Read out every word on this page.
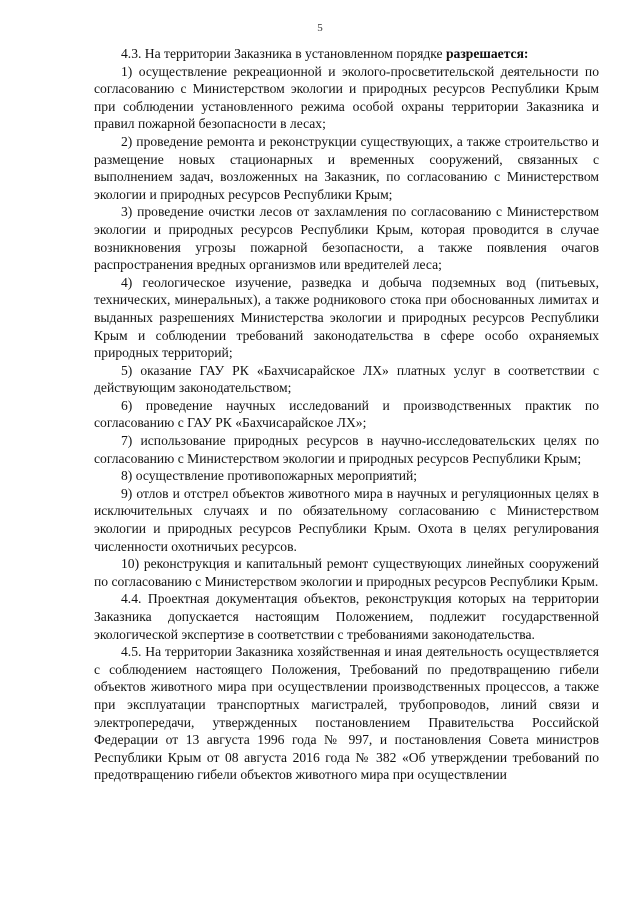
5

4.3. На территории Заказника в установленном порядке разрешается:

1) осуществление рекреационной и эколого-просветительской деятельности по согласованию с Министерством экологии и природных ресурсов Республики Крым при соблюдении установленного режима особой охраны территории Заказника и правил пожарной безопасности в лесах;

2) проведение ремонта и реконструкции существующих, а также строительство и размещение новых стационарных и временных сооружений, связанных с выполнением задач, возложенных на Заказник, по согласованию с Министерством экологии и природных ресурсов Республики Крым;

3) проведение очистки лесов от захламления по согласованию с Министерством экологии и природных ресурсов Республики Крым, которая проводится в случае возникновения угрозы пожарной безопасности, а также появления очагов распространения вредных организмов или вредителей леса;

4) геологическое изучение, разведка и добыча подземных вод (питьевых, технических, минеральных), а также родникового стока при обоснованных лимитах и выданных разрешениях Министерства экологии и природных ресурсов Республики Крым и соблюдении требований законодательства в сфере особо охраняемых природных территорий;

5) оказание ГАУ РК «Бахчисарайское ЛХ» платных услуг в соответствии с действующим законодательством;

6) проведение научных исследований и производственных практик по согласованию с ГАУ РК «Бахчисарайское ЛХ»;

7) использование природных ресурсов в научно-исследовательских целях по согласованию с Министерством экологии и природных ресурсов Республики Крым;

8) осуществление противопожарных мероприятий;

9) отлов и отстрел объектов животного мира в научных и регуляционных целях в исключительных случаях и по обязательному согласованию с Министерством экологии и природных ресурсов Республики Крым. Охота в целях регулирования численности охотничьих ресурсов.

10) реконструкция и капитальный ремонт существующих линейных сооружений по согласованию с Министерством экологии и природных ресурсов Республики Крым.

4.4. Проектная документация объектов, реконструкция которых на территории Заказника допускается настоящим Положением, подлежит государственной экологической экспертизе в соответствии с требованиями законодательства.

4.5. На территории Заказника хозяйственная и иная деятельность осуществляется с соблюдением настоящего Положения, Требований по предотвращению гибели объектов животного мира при осуществлении производственных процессов, а также при эксплуатации транспортных магистралей, трубопроводов, линий связи и электропередачи, утвержденных постановлением Правительства Российской Федерации от 13 августа 1996 года № 997, и постановления Совета министров Республики Крым от 08 августа 2016 года № 382 «Об утверждении требований по предотвращению гибели объектов животного мира при осуществлении
